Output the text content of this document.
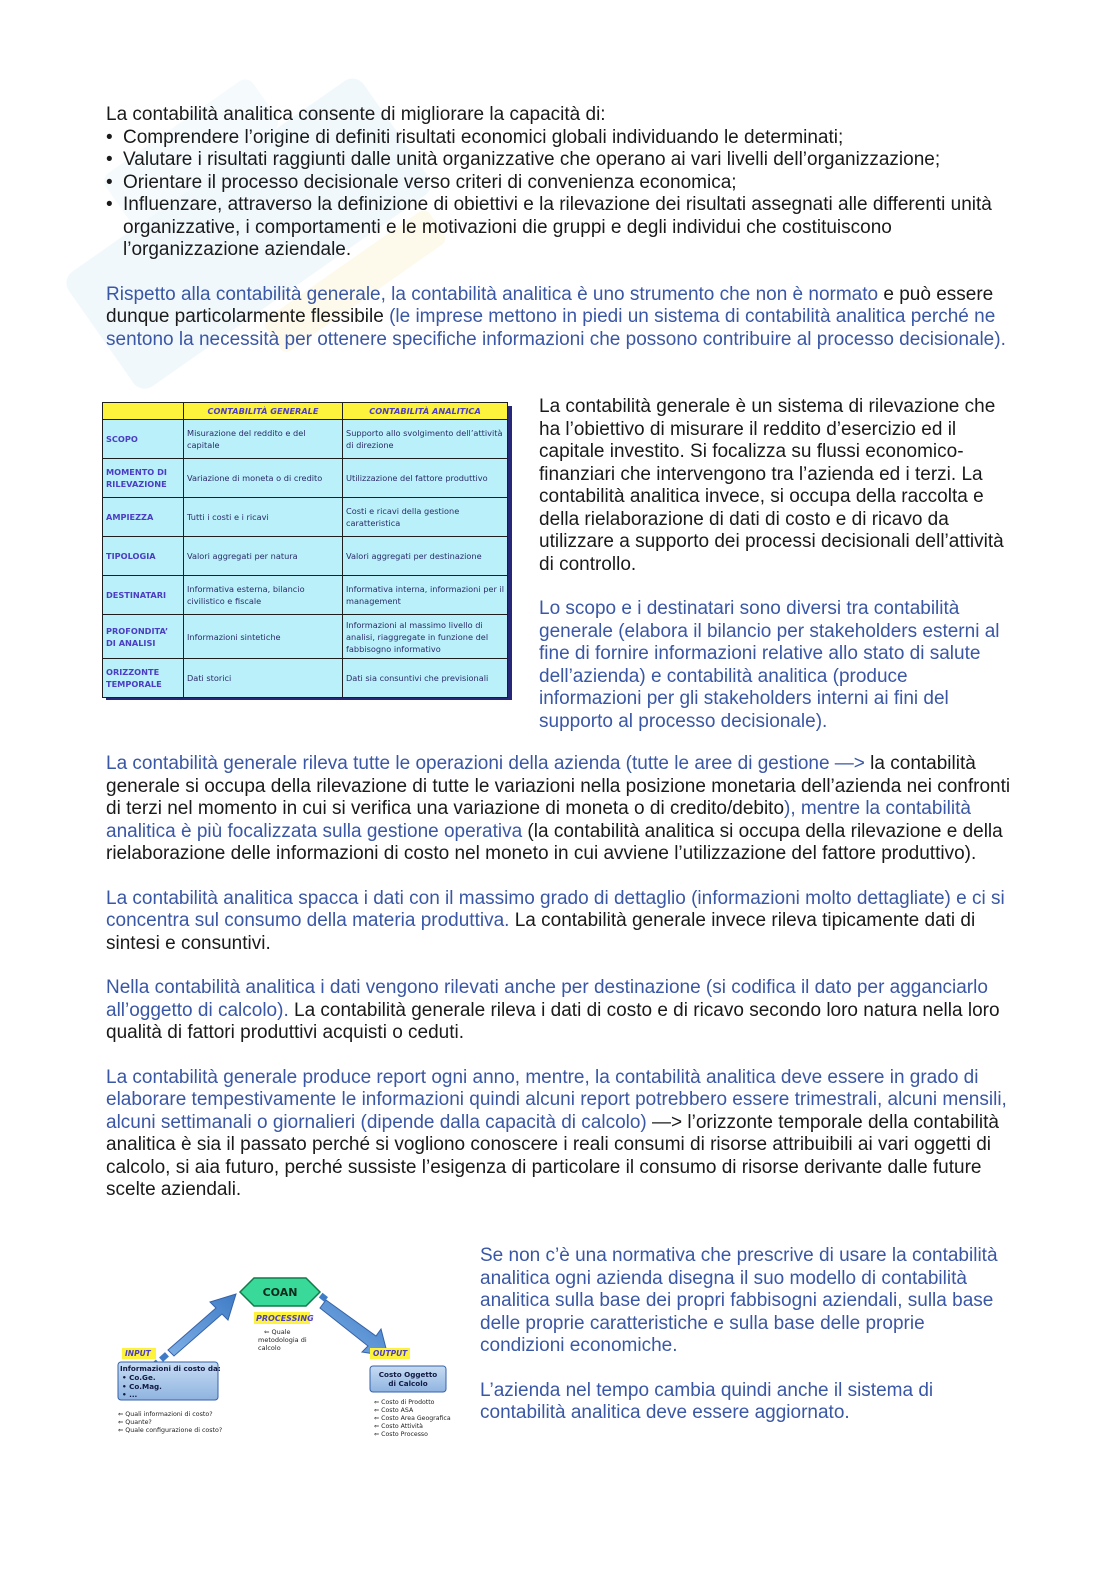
La contabilità analitica consente di migliorare la capacità di:

• Comprendere l’origine di definiti risultati economici globali individuando le determinati;
• Valutare i risultati raggiunti dalle unità organizzative che operano ai vari livelli dell’organizzazione;
• Orientare il processo decisionale verso criteri di convenienza economica;
• Influenzare, attraverso la definizione di obiettivi e la rilevazione dei risultati assegnati alle differenti unità organizzative, i comportamenti e le motivazioni die gruppi e degli individui che costituiscono l’organizzazione aziendale.

Rispetto alla contabilità generale, la contabilità analitica è uno strumento che non è normato e può essere dunque particolarmente flessibile (le imprese mettono in piedi un sistema di contabilità analitica perché ne sentono la necessità per ottenere specifiche informazioni che possono contribuire al processo decisionale).

	CONTABILITÀ GENERALE	CONTABILITÀ ANALITICA
SCOPO	Misurazione del reddito e del capitale	Supporto allo svolgimento dell’attività di direzione
MOMENTO DI RILEVAZIONE	Variazione di moneta o di credito	Utilizzazione del fattore produttivo
AMPIEZZA	Tutti i costi e i ricavi	Costi e ricavi della gestione caratteristica
TIPOLOGIA	Valori aggregati per natura	Valori aggregati per destinazione
DESTINATARI	Informativa esterna, bilancio civilistico e fiscale	Informativa interna, informazioni per il management
PROFONDITA’ DI ANALISI	Informazioni sintetiche	Informazioni al massimo livello di analisi, riaggregate in funzione del fabbisogno informativo
ORIZZONTE TEMPORALE	Dati storici	Dati sia consuntivi che previsionali

La contabilità generale è un sistema di rilevazione che ha l’obiettivo di misurare il reddito d’esercizio ed il capitale investito. Si focalizza su flussi economico-finanziari che intervengono tra l’azienda ed i terzi. La contabilità analitica invece, si occupa della raccolta e della rielaborazione di dati di costo e di ricavo da utilizzare a supporto dei processi decisionali dell’attività di controllo.

Lo scopo e i destinatari sono diversi tra contabilità generale (elabora il bilancio per stakeholders esterni al fine di fornire informazioni relative allo stato di salute dell’azienda) e contabilità analitica (produce informazioni per gli stakeholders interni ai fini del supporto al processo decisionale).

La contabilità generale rileva tutte le operazioni della azienda (tutte le aree di gestione —> la contabilità generale si occupa della rilevazione di tutte le variazioni nella posizione monetaria dell’azienda nei confronti di terzi nel momento in cui si verifica una variazione di moneta o di credito/debito), mentre la contabilità analitica è più focalizzata sulla gestione operativa (la contabilità analitica si occupa della rilevazione e della rielaborazione delle informazioni di costo nel moneto in cui avviene l’utilizzazione del fattore produttivo).

La contabilità analitica spacca i dati con il massimo grado di dettaglio (informazioni molto dettagliate) e ci si concentra sul consumo della materia produttiva. La contabilità generale invece rileva tipicamente dati di sintesi e consuntivi.

Nella contabilità analitica i dati vengono rilevati anche per destinazione (si codifica il dato per agganciarlo all’oggetto di calcolo). La contabilità generale rileva i dati di costo e di ricavo secondo loro natura nella loro qualità di fattori produttivi acquisti o ceduti.

La contabilità generale produce report ogni anno, mentre, la contabilità analitica deve essere in grado di elaborare tempestivamente le informazioni quindi alcuni report potrebbero essere trimestrali, alcuni mensili, alcuni settimanali o giornalieri (dipende dalla capacità di calcolo) —> l’orizzonte temporale della contabilità analitica è sia il passato perché si vogliono conoscere i reali consumi di risorse attribuibili ai vari oggetti di calcolo, si aia futuro, perché sussiste l’esigenza di particolare il consumo di risorse derivante dalle future scelte aziendali.

COAN
PROCESSING
⇐ Quale
metodologia di
calcolo
INPUT
Informazioni di costo da:
• Co.Ge.
• Co.Mag.
• ...
⇐ Quali informazioni di costo?
⇐ Quante?
⇐ Quale configurazione di costo?
OUTPUT
Costo Oggetto
di Calcolo
⇐ Costo di Prodotto
⇐ Costo ASA
⇐ Costo Area Geografica
⇐ Costo Attività
⇐ Costo Processo

Se non c’è una normativa che prescrive di usare la contabilità analitica ogni azienda disegna il suo modello di contabilità analitica sulla base dei propri fabbisogni aziendali, sulla base delle proprie caratteristiche e sulla base delle proprie condizioni economiche.

L’azienda nel tempo cambia quindi anche il sistema di contabilità analitica deve essere aggiornato.
